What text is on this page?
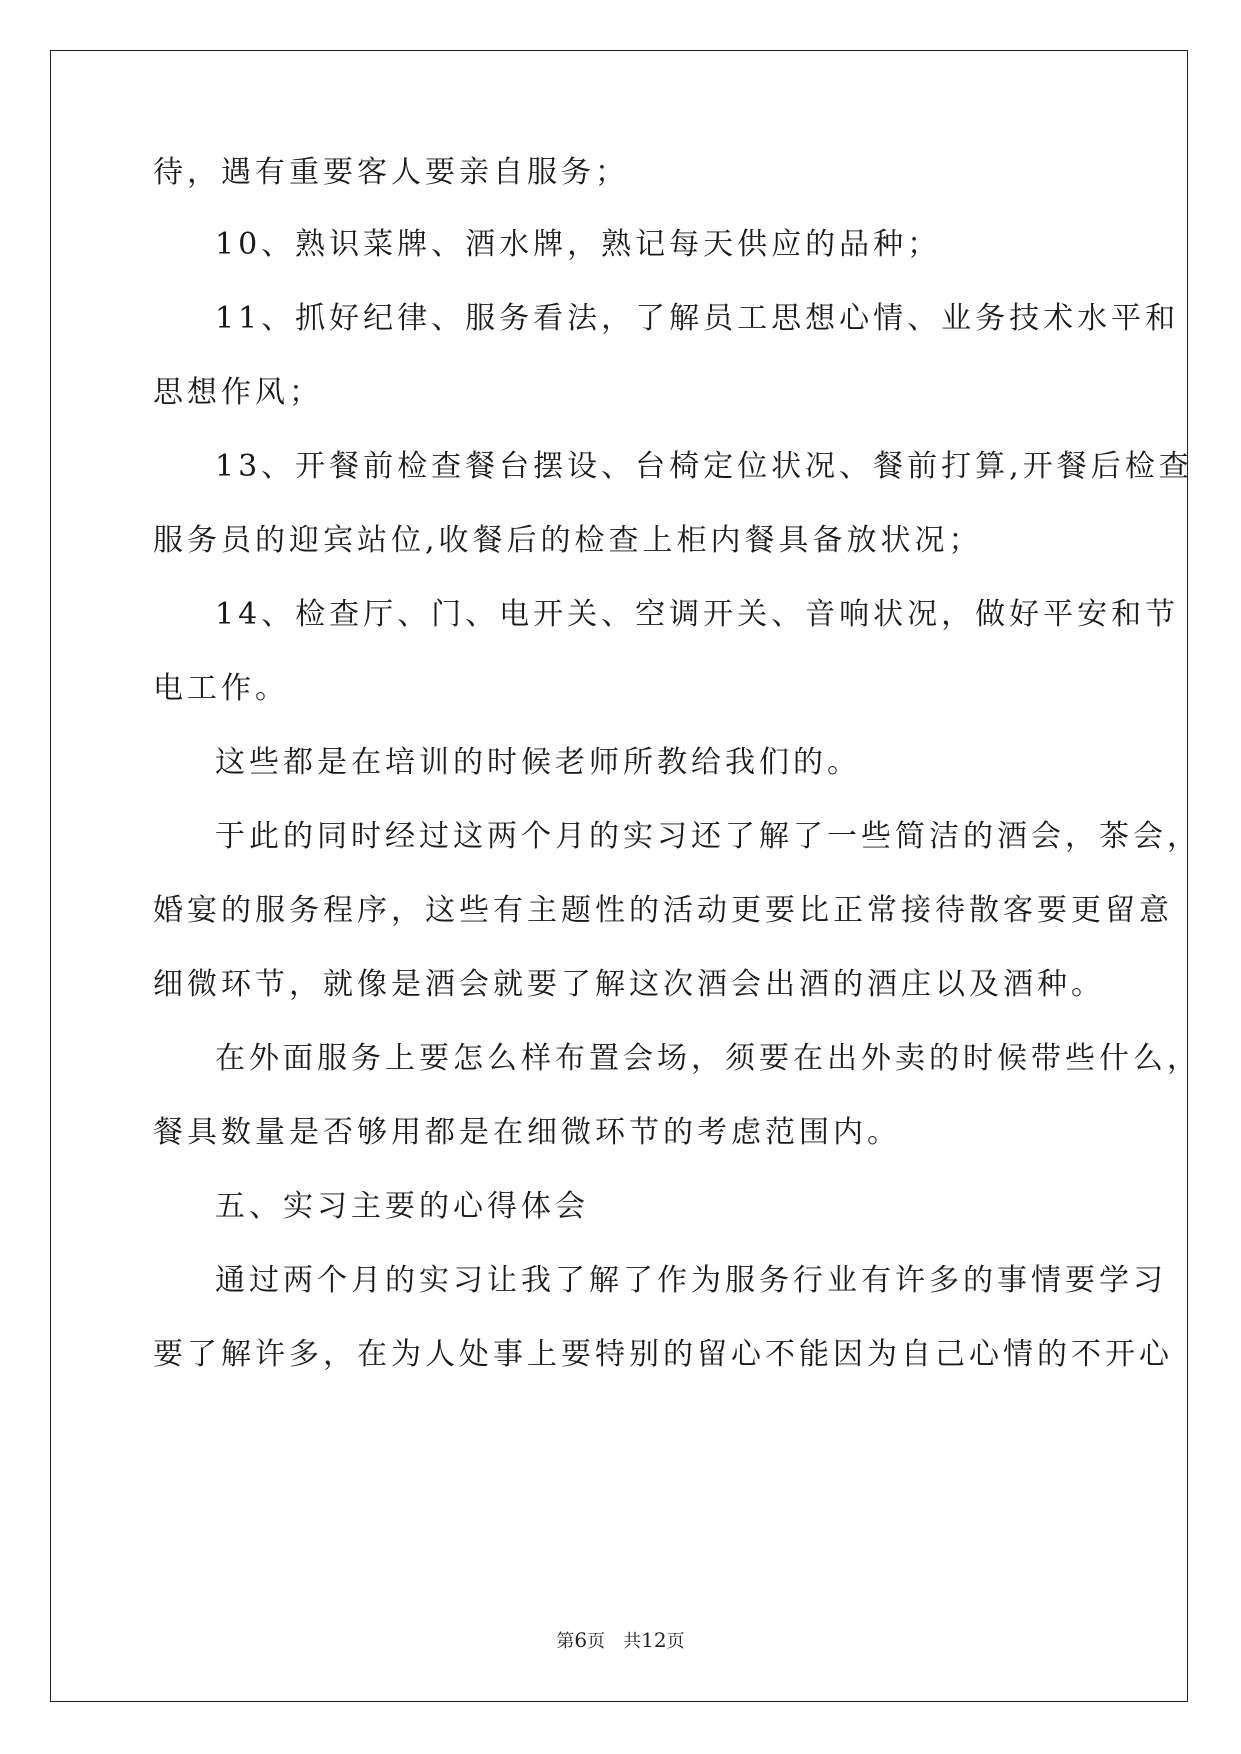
待，遇有重要客人要亲自服务；
10、熟识菜牌、酒水牌，熟记每天供应的品种；
11、抓好纪律、服务看法，了解员工思想心情、业务技术水平和
思想作风；
13、开餐前检查餐台摆设、台椅定位状况、餐前打算,开餐后检查
服务员的迎宾站位,收餐后的检查上柜内餐具备放状况；
14、检查厅、门、电开关、空调开关、音响状况，做好平安和节
电工作。
这些都是在培训的时候老师所教给我们的。
于此的同时经过这两个月的实习还了解了一些简洁的酒会，茶会，
婚宴的服务程序，这些有主题性的活动更要比正常接待散客要更留意
细微环节，就像是酒会就要了解这次酒会出酒的酒庄以及酒种。
在外面服务上要怎么样布置会场，须要在出外卖的时候带些什么，
餐具数量是否够用都是在细微环节的考虑范围内。
五、实习主要的心得体会
通过两个月的实习让我了解了作为服务行业有许多的事情要学习
要了解许多，在为人处事上要特别的留心不能因为自己心情的不开心
第6页 共12页
